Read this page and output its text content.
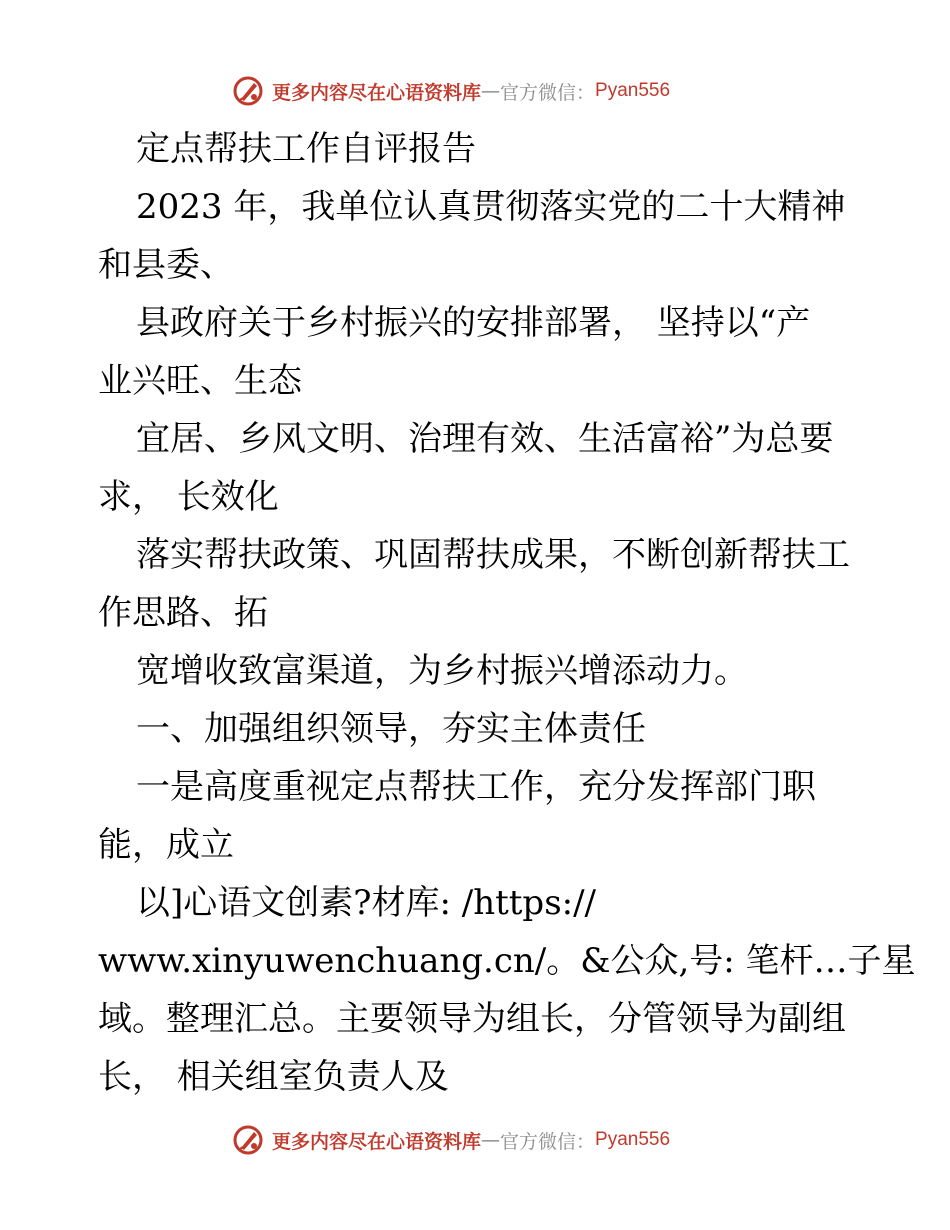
更多内容尽在心语资料库 — 官方微信： Pyan556
定点帮扶工作自评报告
2023 年，我单位认真贯彻落实党的二十大精神
和县委、
县政府关于乡村振兴的安排部署， 坚持以“产
业兴旺、生态
宜居、乡风文明、治理有效、生活富裕”为总要
求， 长效化
落实帮扶政策、巩固帮扶成果，不断创新帮扶工
作思路、拓
宽增收致富渠道，为乡村振兴增添动力。
一、加强组织领导，夯实主体责任
一是高度重视定点帮扶工作，充分发挥部门职
能，成立
以]心语文创素?材库: /https://
www.xinyuwenchuang.cn/。&公众,号: 笔杆…子星
域。整理汇总。主要领导为组长，分管领导为副组
长， 相关组室负责人及
更多内容尽在心语资料库 — 官方微信： Pyan556
